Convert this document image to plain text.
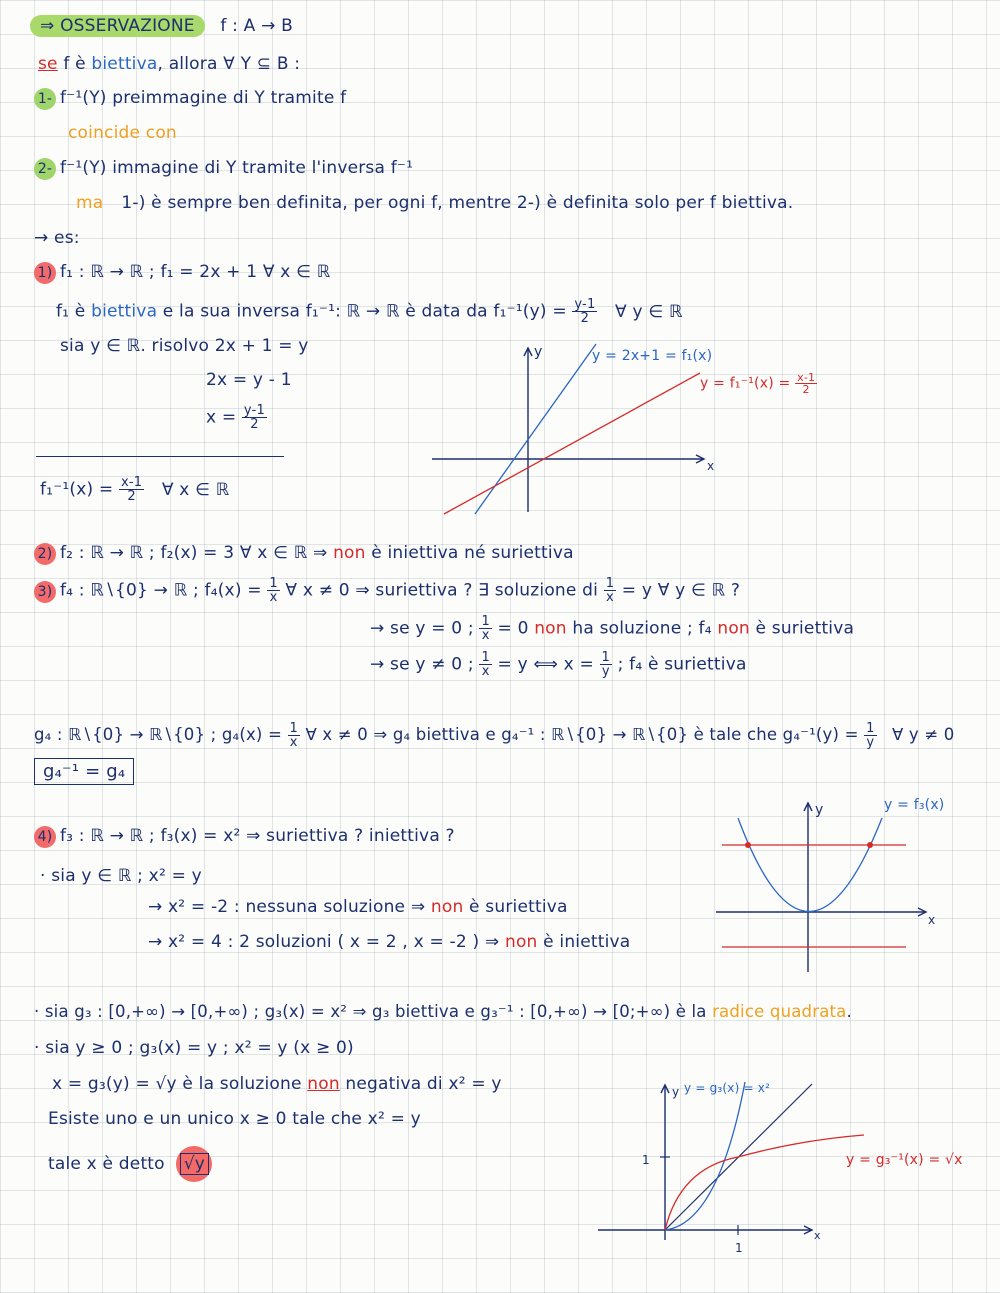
⇒ OSSERVAZIONE f : A → B
se f è biettiva, allora ∀ Y ⊆ B :
1- f⁻¹(Y) preimmagine di Y tramite f
coincide con
2- f⁻¹(Y) immagine di Y tramite l'inversa f⁻¹
ma 1-) è sempre ben definita, per ogni f, mentre 2-) è definita solo per f biettiva.
→ es:
1) f₁ : ℝ → ℝ ; f₁ = 2x + 1 ∀ x ∈ ℝ
f₁ è biettiva e la sua inversa f₁⁻¹: ℝ → ℝ è data da $f_1^{-1}(y) = \frac{y-1}{2}$ ∀ y ∈ ℝ
sia y ∈ ℝ. risolvo 2x + 1 = y
2x = y - 1
$x = \frac{y-1}{2}$
$f_1^{-1}(x) = \frac{x-1}{2}$ ∀ x ∈ ℝ
y
x
y = 2x+1 = f₁(x)
$y = f_1^{-1}(x) = \frac{x-1}{2}$
2) f₂ : ℝ → ℝ ; f₂(x) = 3 ∀ x ∈ ℝ ⇒ non è iniettiva né suriettiva
3) f₄ : ℝ∖{0} → ℝ ; $f_4(x) = \frac{1}{x}$ ∀ x ≠ 0 ⇒ suriettiva ? ∃ soluzione di $\frac{1}{x} = y$ ∀ y ∈ ℝ ?
→ se y = 0 ; $\frac{1}{x} = 0$ non ha soluzione ; f₄ non è suriettiva
→ se y ≠ 0 ; $\frac{1}{x} = y$ ⟺ $x = \frac{1}{y}$ ; f₄ è suriettiva
g₄ : ℝ∖{0} → ℝ∖{0} ; $g_4(x) = \frac{1}{x}$ ∀ x ≠ 0 ⇒ g₄ biettiva e g₄⁻¹ : ℝ∖{0} → ℝ∖{0} è tale che $g_4^{-1}(y) = \frac{1}{y}$ ∀ y ≠ 0
g₄⁻¹ = g₄
4) f₃ : ℝ → ℝ ; f₃(x) = x² ⇒ suriettiva ? iniettiva ?
· sia y ∈ ℝ ; x² = y
→ x² = -2 : nessuna soluzione ⇒ non è suriettiva
→ x² = 4 : 2 soluzioni ( x = 2 , x = -2 ) ⇒ non è iniettiva
y
x
y = f₃(x)
· sia g₃ : [0,+∞) → [0,+∞) ; g₃(x) = x² ⇒ g₃ biettiva e g₃⁻¹ : [0,+∞) → [0;+∞) è la radice quadrata.
· sia y ≥ 0 ; g₃(x) = y ; x² = y (x ≥ 0)
x = g₃(y) = √y è la soluzione non negativa di x² = y
Esiste uno e un unico x ≥ 0 tale che x² = y
tale x è detto √y
y = g₃(x) = x²
y = g₃⁻¹(x) = √x
1
1
x
y
